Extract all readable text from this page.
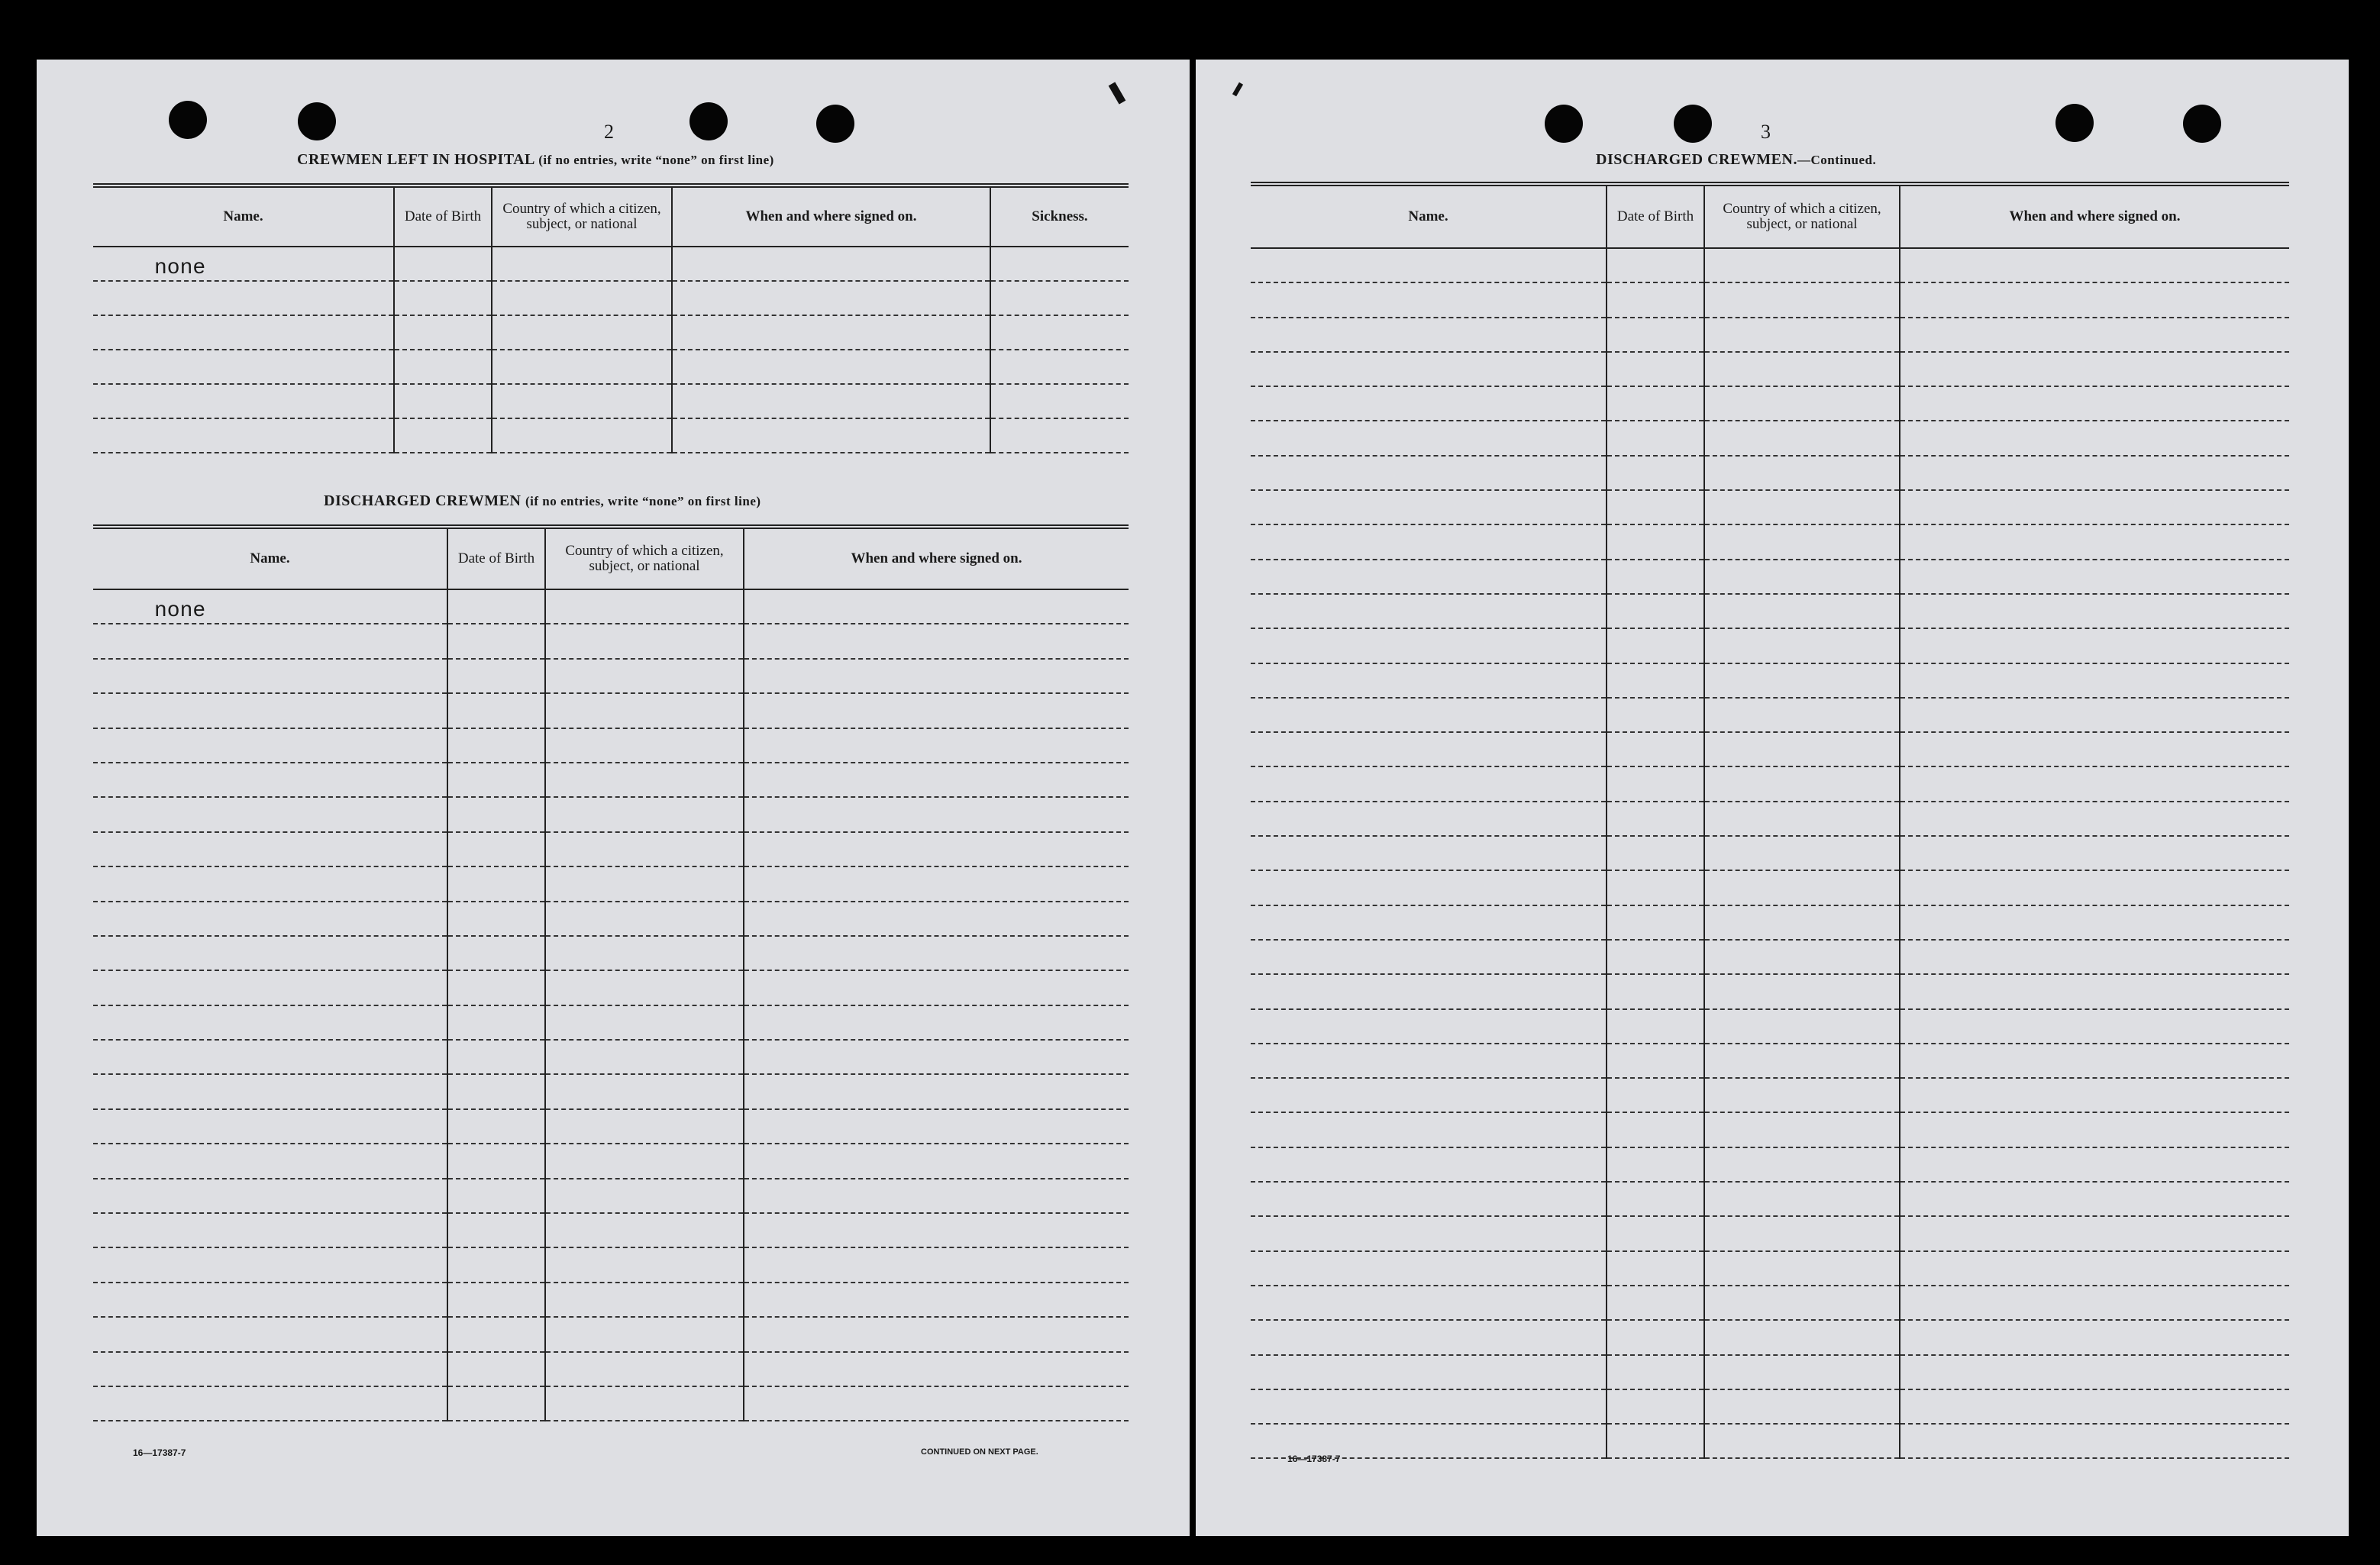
2
CREWMEN LEFT IN HOSPITAL (if no entries, write “none” on first line)
Name.	Date of Birth	Country of which a citizen, subject, or national	When and where signed on.	Sickness.
none				

DISCHARGED CREWMEN (if no entries, write “none” on first line)
Name.	Date of Birth	Country of which a citizen, subject, or national	When and where signed on.
none			

16—17387-7	CONTINUED ON NEXT PAGE.
3
DISCHARGED CREWMEN.—Continued.
Name.	Date of Birth	Country of which a citizen, subject, or national	When and where signed on.

16—17387-7
